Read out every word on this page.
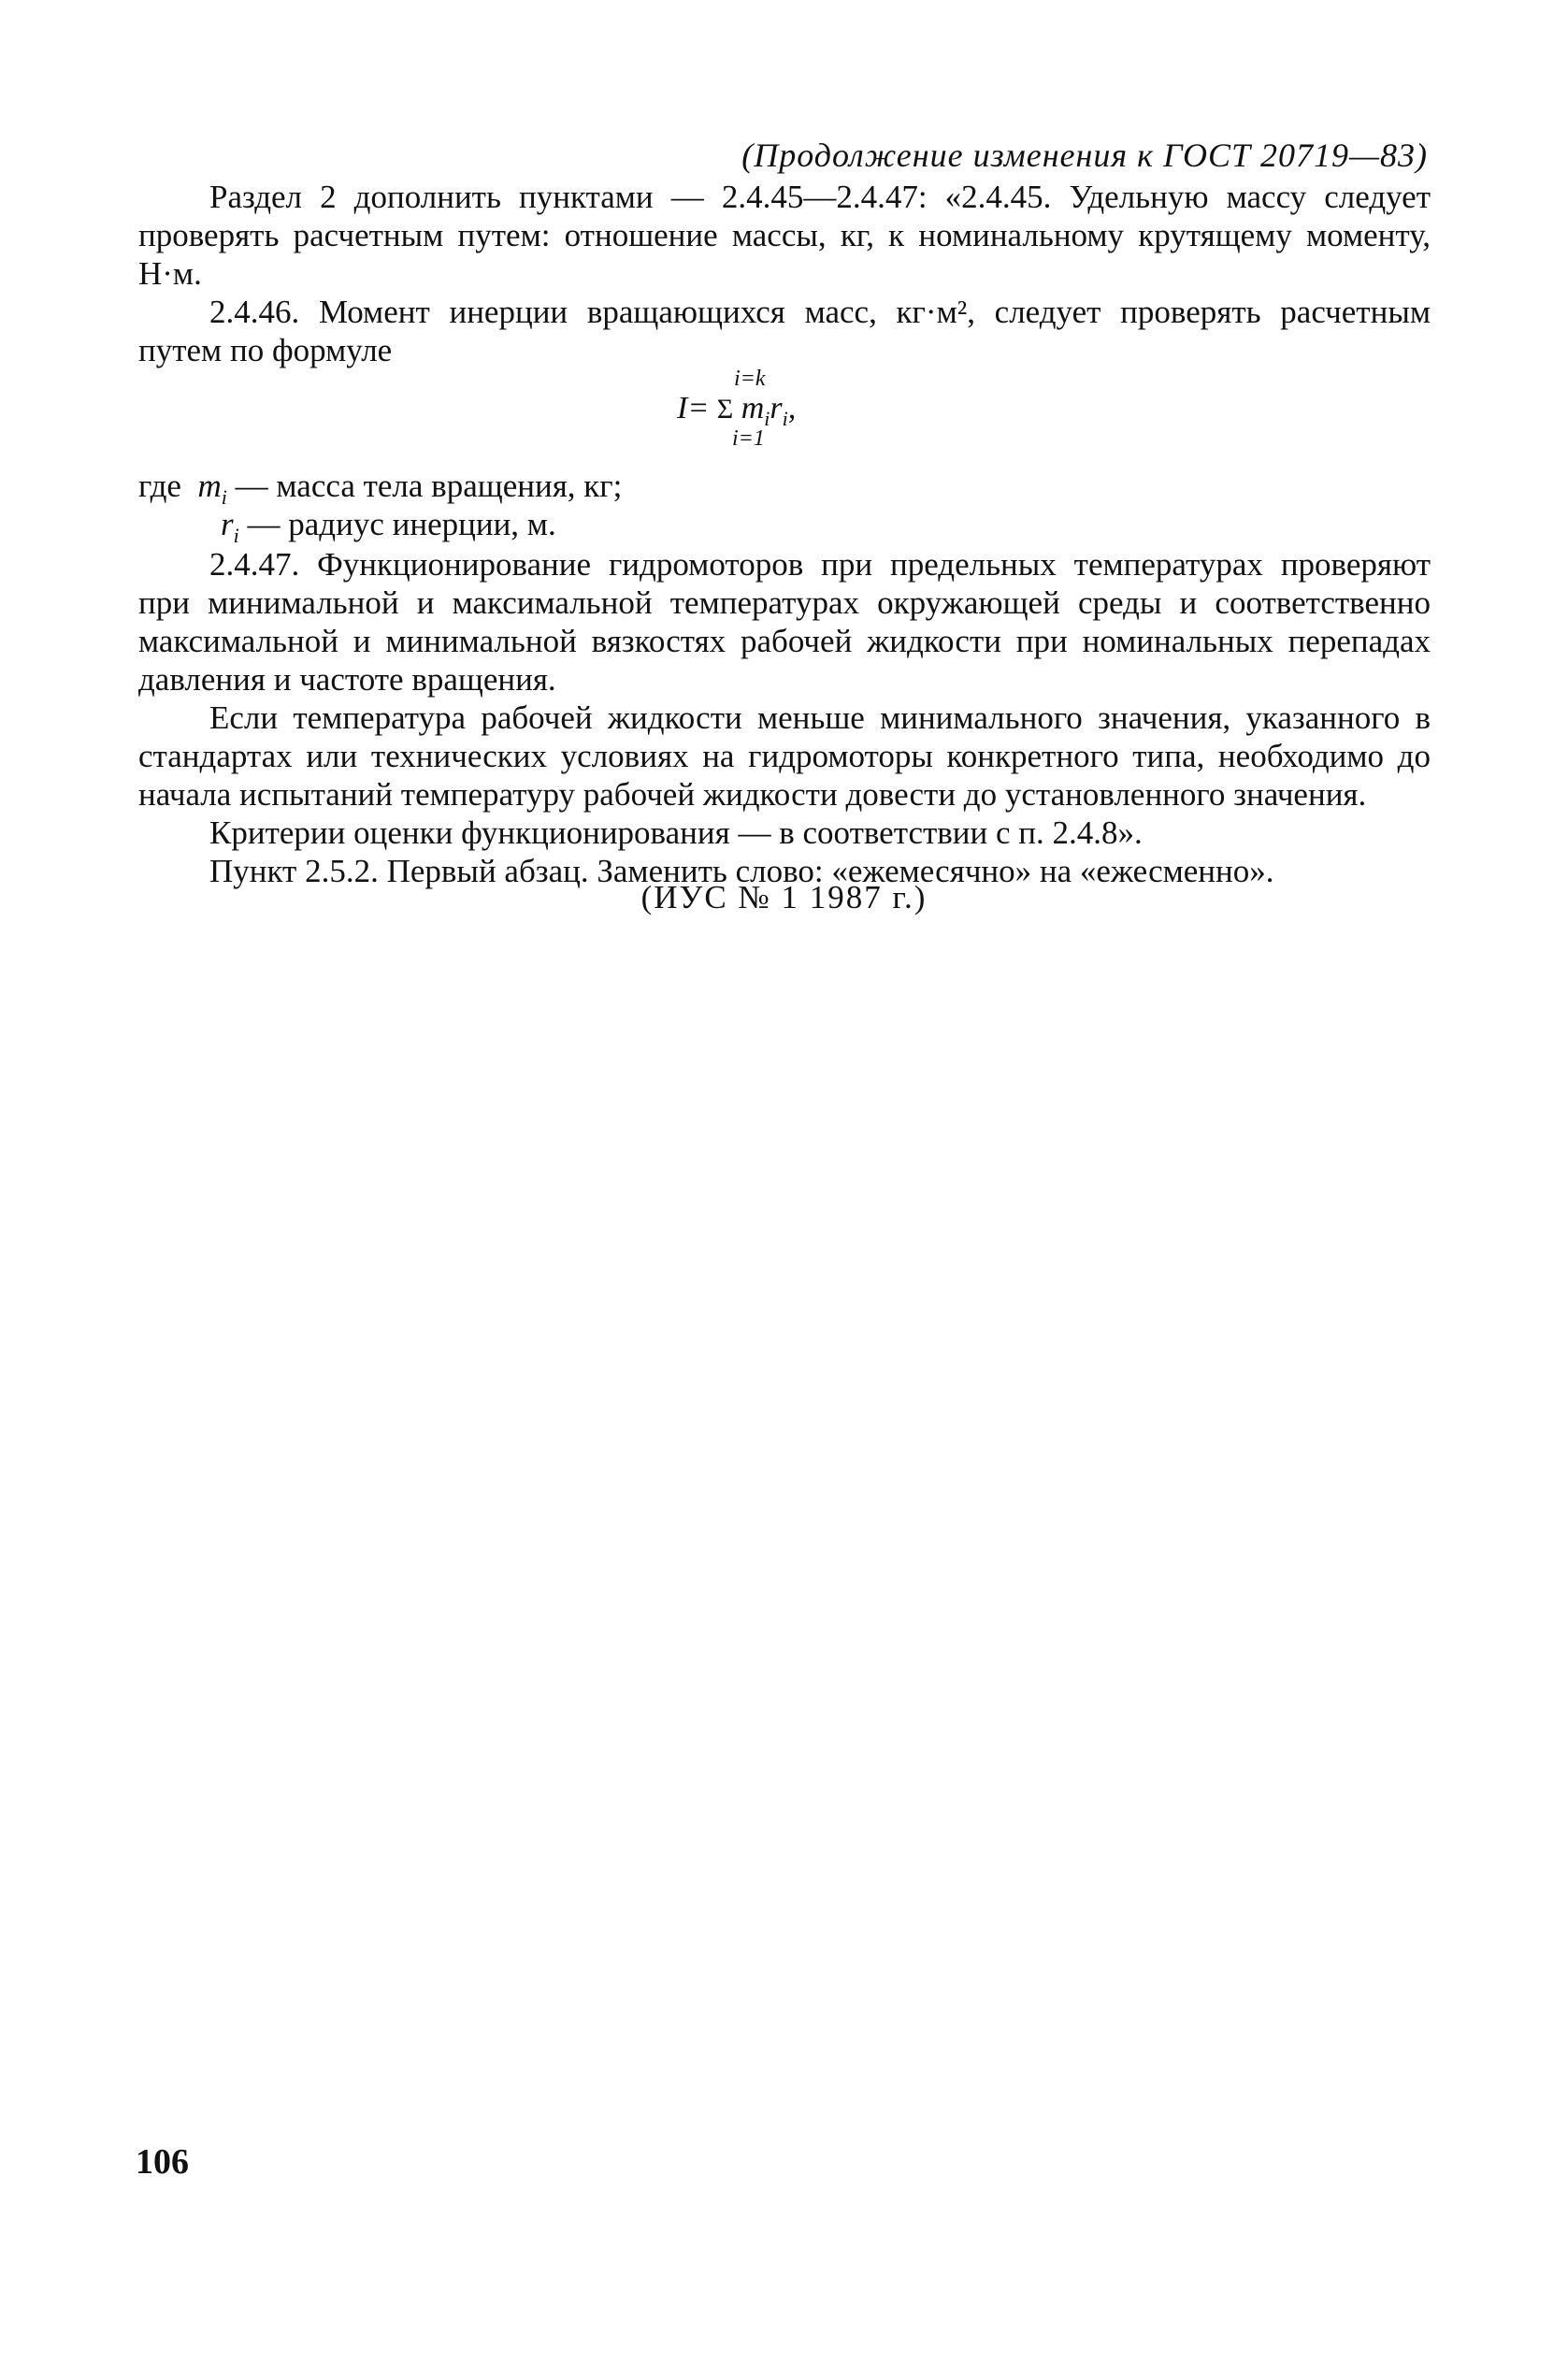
(Продолжение изменения к ГОСТ 20719—83)

Раздел 2 дополнить пунктами — 2.4.45—2.4.47: «2.4.45. Удельную массу следует проверять расчетным путем: отношение массы, кг, к номинальному крутящему моменту, Н·м.

2.4.46. Момент инерции вращающихся масс, кг·м², следует проверять расчетным путем по формуле

i=k
I= Σ $m_ir_i$,
i=1
где $m_i$ — масса тела вращения, кг;
$r_i$ — радиус инерции, м.

2.4.47. Функционирование гидромоторов при предельных температурах проверяют при минимальной и максимальной температурах окружающей среды и соответственно максимальной и минимальной вязкостях рабочей жидкости при номинальных перепадах давления и частоте вращения.

Если температура рабочей жидкости меньше минимального значения, указанного в стандартах или технических условиях на гидромоторы конкретного типа, необходимо до начала испытаний температуру рабочей жидкости довести до установленного значения.

Критерии оценки функционирования — в соответствии с п. 2.4.8».

Пункт 2.5.2. Первый абзац. Заменить слово: «ежемесячно» на «ежесменно».

(ИУС № 1 1987 г.)
106
